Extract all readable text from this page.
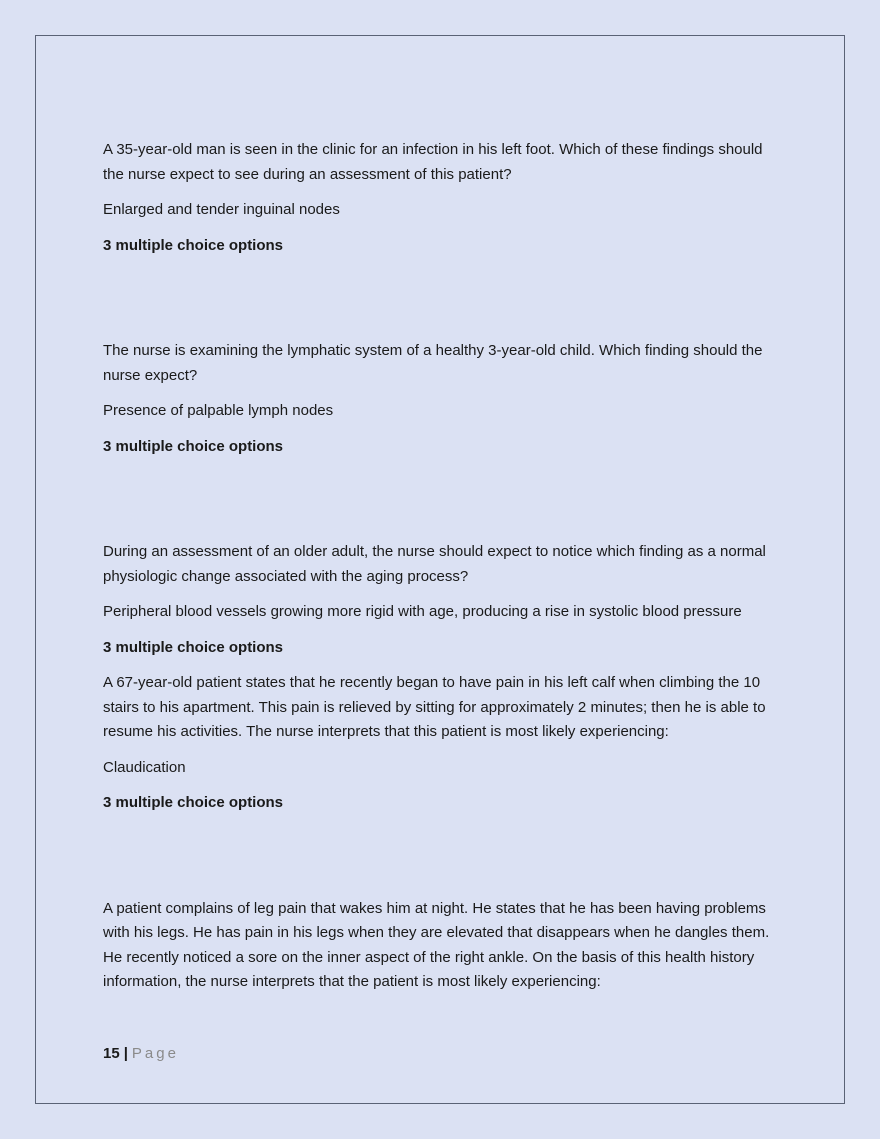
A 35-year-old man is seen in the clinic for an infection in his left foot. Which of these findings should the nurse expect to see during an assessment of this patient?

Enlarged and tender inguinal nodes

3 multiple choice options

The nurse is examining the lymphatic system of a healthy 3-year-old child. Which finding should the nurse expect?

Presence of palpable lymph nodes

3 multiple choice options

During an assessment of an older adult, the nurse should expect to notice which finding as a normal physiologic change associated with the aging process?

Peripheral blood vessels growing more rigid with age, producing a rise in systolic blood pressure

3 multiple choice options

A 67-year-old patient states that he recently began to have pain in his left calf when climbing the 10 stairs to his apartment. This pain is relieved by sitting for approximately 2 minutes; then he is able to resume his activities. The nurse interprets that this patient is most likely experiencing:

Claudication

3 multiple choice options

A patient complains of leg pain that wakes him at night. He states that he has been having problems with his legs. He has pain in his legs when they are elevated that disappears when he dangles them. He recently noticed a sore on the inner aspect of the right ankle. On the basis of this health history information, the nurse interprets that the patient is most likely experiencing:

15 | Page
